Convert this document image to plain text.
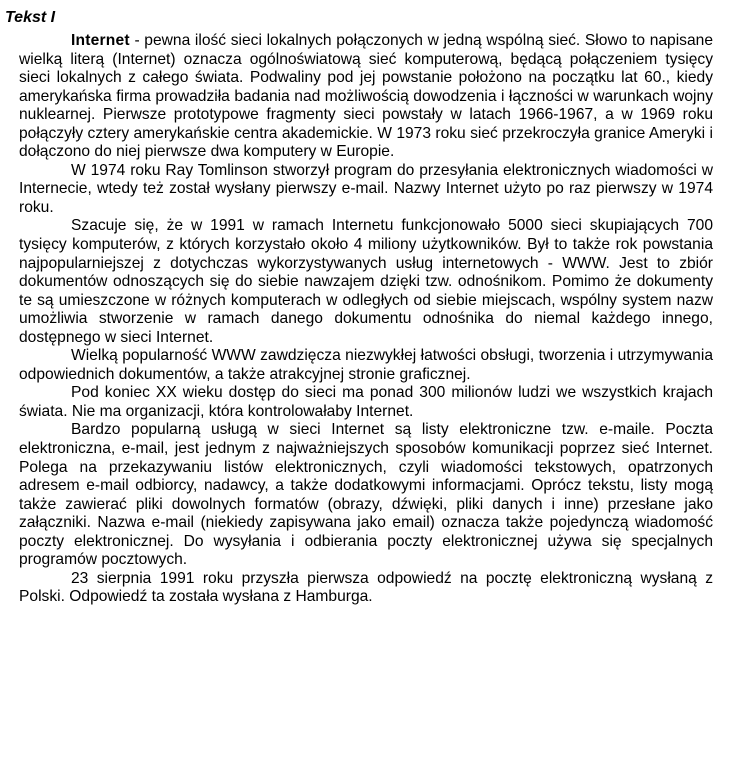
Tekst I

Internet - pewna ilość sieci lokalnych połączonych w jedną wspólną sieć. Słowo to napisane wielką literą (Internet) oznacza ogólnoświatową sieć komputerową, będącą połączeniem tysięcy sieci lokalnych z całego świata. Podwaliny pod jej powstanie położono na początku lat 60., kiedy amerykańska firma prowadziła badania nad możliwością dowodzenia i łączności w warunkach wojny nuklearnej. Pierwsze prototypowe fragmenty sieci powstały w latach 1966-1967, a w 1969 roku połączyły cztery amerykańskie centra akademickie. W 1973 roku sieć przekroczyła granice Ameryki i dołączono do niej pierwsze dwa komputery w Europie.

W 1974 roku Ray Tomlinson stworzył program do przesyłania elektronicznych wiadomości w Internecie, wtedy też został wysłany pierwszy e-mail. Nazwy Internet użyto po raz pierwszy w 1974 roku.

Szacuje się, że w 1991 w ramach Internetu funkcjonowało 5000 sieci skupiających 700 tysięcy komputerów, z których korzystało około 4 miliony użytkowników. Był to także rok powstania najpopularniejszej z dotychczas wykorzystywanych usług internetowych - WWW. Jest to zbiór dokumentów odnoszących się do siebie nawzajem dzięki tzw. odnośnikom. Pomimo że dokumenty te są umieszczone w różnych komputerach w odległych od siebie miejscach, wspólny system nazw umożliwia stworzenie w ramach danego dokumentu odnośnika do niemal każdego innego, dostępnego w sieci Internet.

Wielką popularność WWW zawdzięcza niezwykłej łatwości obsługi, tworzenia i utrzymywania odpowiednich dokumentów, a także atrakcyjnej stronie graficznej.

Pod koniec XX wieku dostęp do sieci ma ponad 300 milionów ludzi we wszystkich krajach świata. Nie ma organizacji, która kontrolowałaby Internet.

Bardzo popularną usługą w sieci Internet są listy elektroniczne tzw. e-maile. Poczta elektroniczna, e-mail, jest jednym z najważniejszych sposobów komunikacji poprzez sieć Internet. Polega na przekazywaniu listów elektronicznych, czyli wiadomości tekstowych, opatrzonych adresem e-mail odbiorcy, nadawcy, a także dodatkowymi informacjami. Oprócz tekstu, listy mogą także zawierać pliki dowolnych formatów (obrazy, dźwięki, pliki danych i inne) przesłane jako załączniki. Nazwa e-mail (niekiedy zapisywana jako email) oznacza także pojedynczą wiadomość poczty elektronicznej. Do wysyłania i odbierania poczty elektronicznej używa się specjalnych programów pocztowych.

23 sierpnia 1991 roku przyszła pierwsza odpowiedź na pocztę elektroniczną wysłaną z Polski. Odpowiedź ta została wysłana z Hamburga.
